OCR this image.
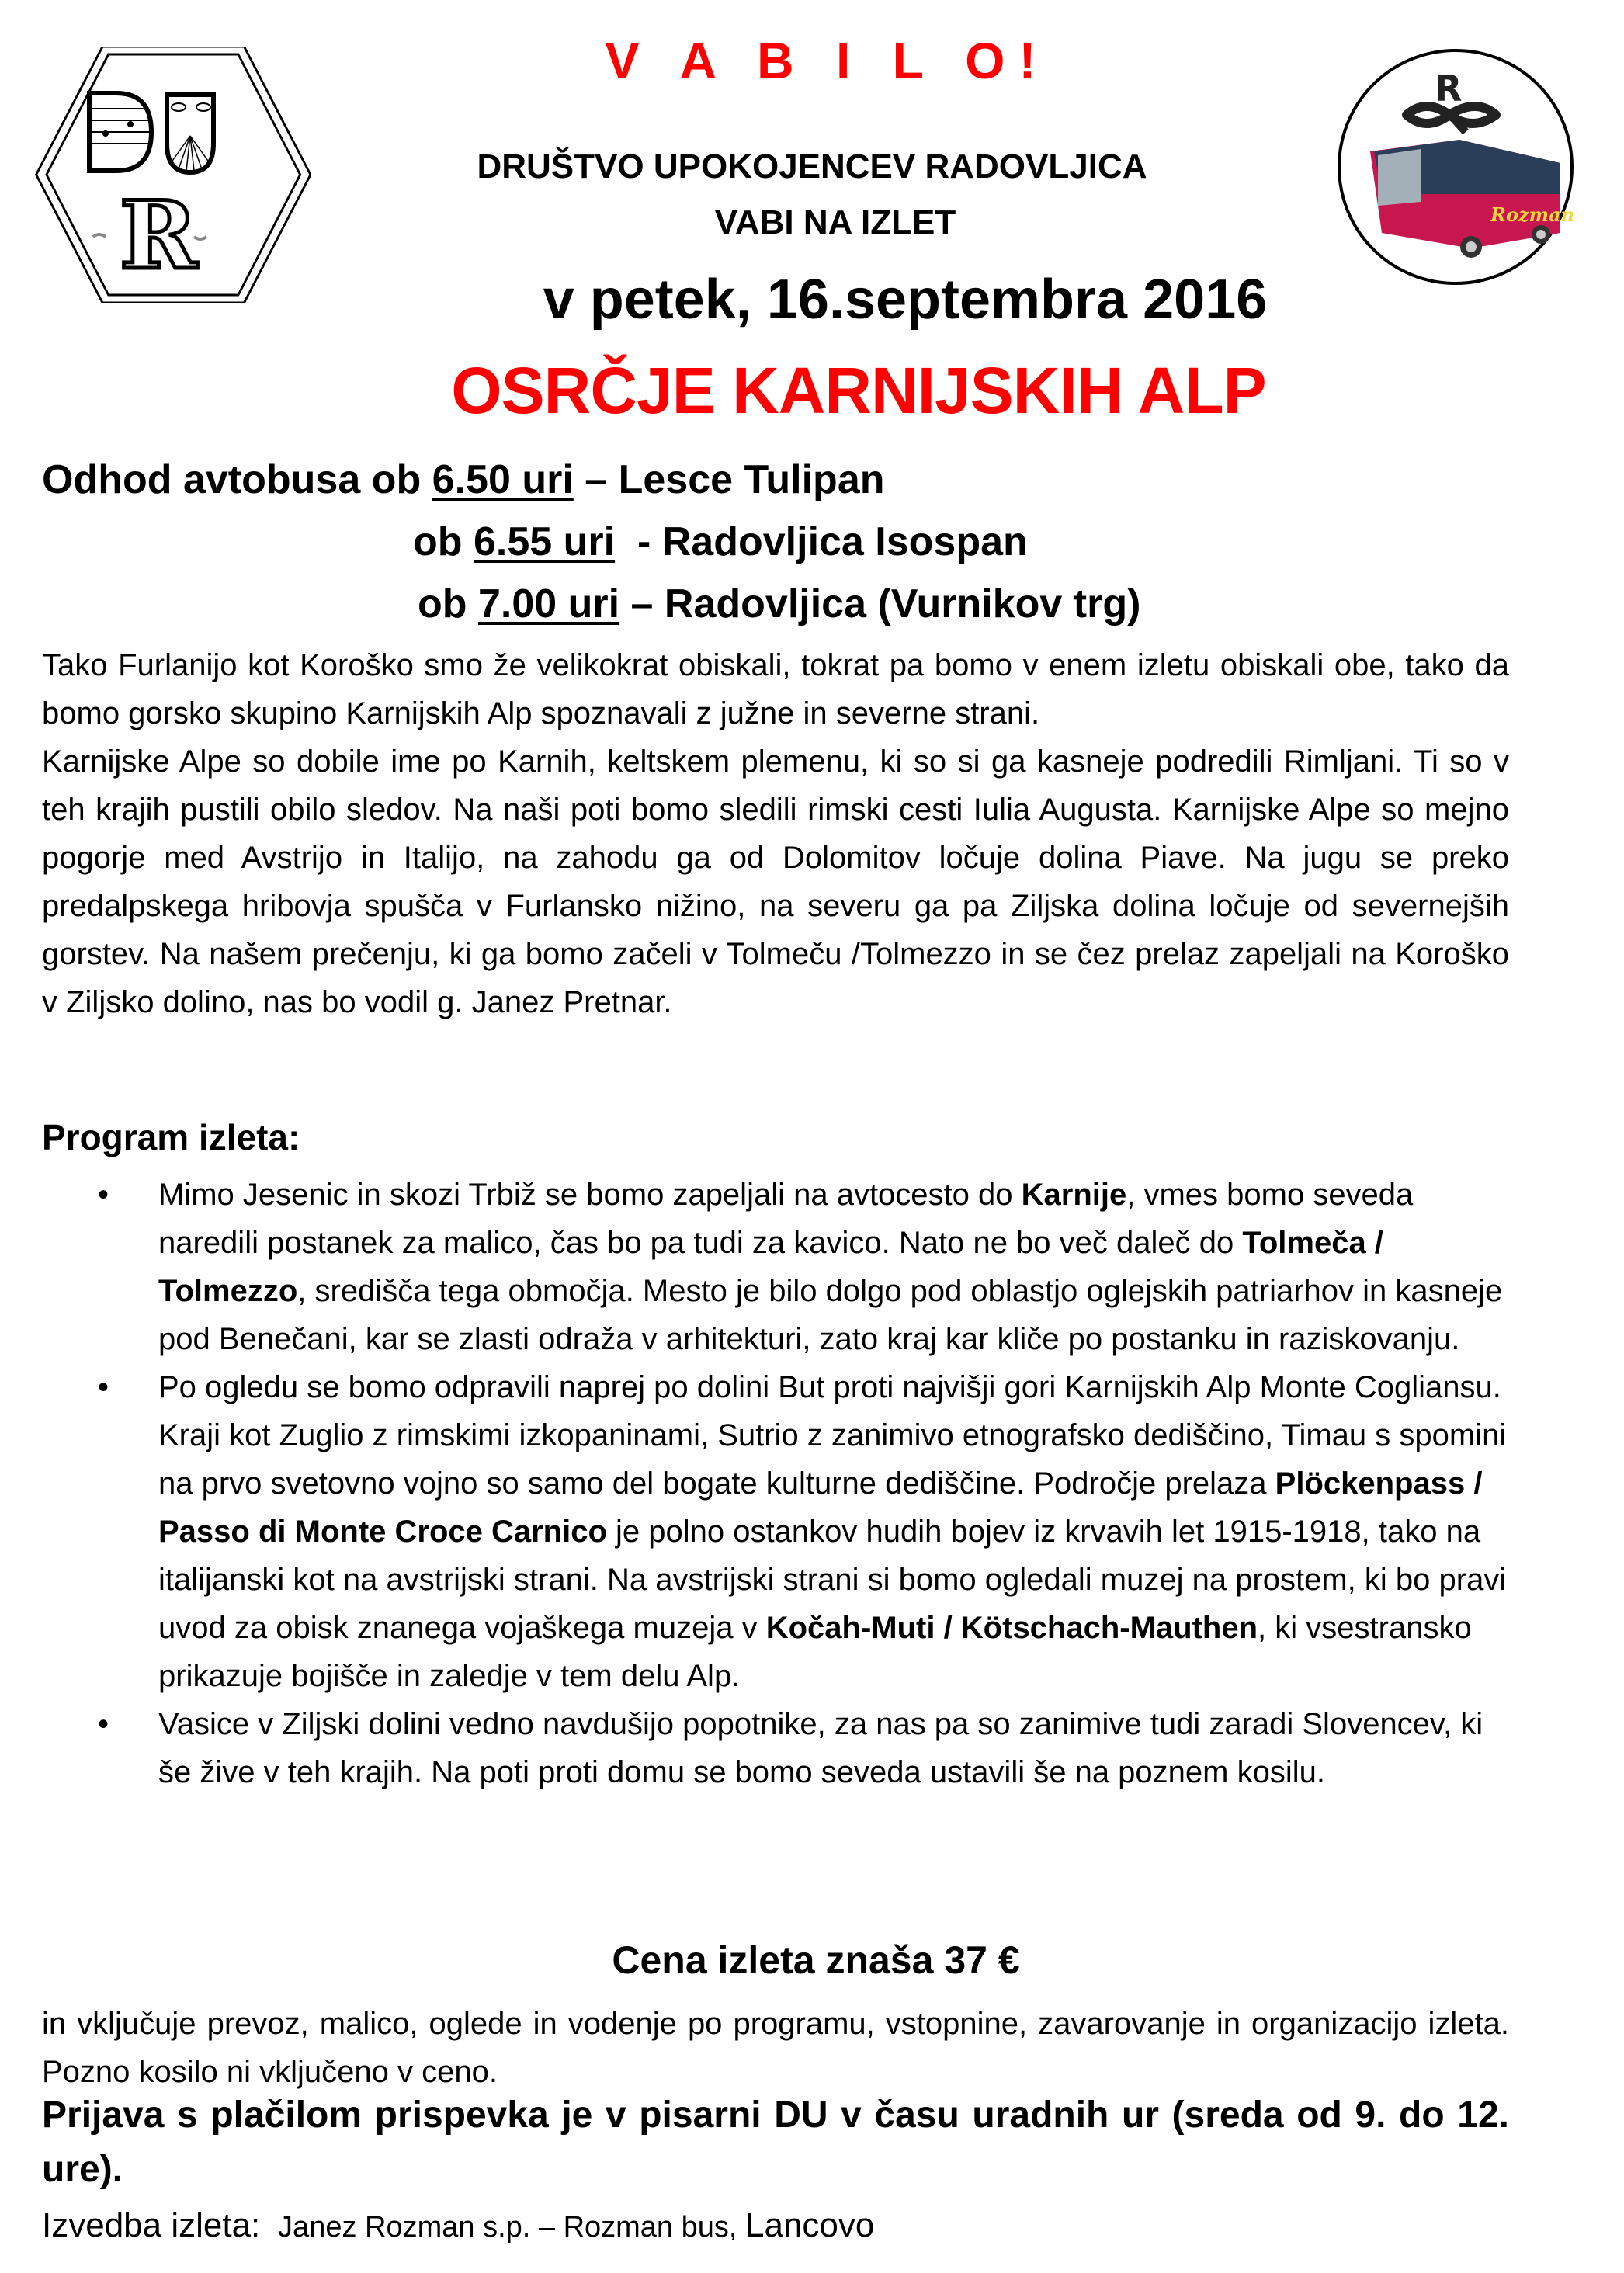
R
R
Rozman
V A B I L O!
DRUŠTVO UPOKOJENCEV RADOVLJICA
VABI NA IZLET
v petek, 16.septembra 2016
OSRČJE KARNIJSKIH ALP
Odhod avtobusa ob 6.50 uri – Lesce Tulipan
ob 6.55 uri  - Radovljica Isospan
ob 7.00 uri – Radovljica (Vurnikov trg)
Tako Furlanijo kot Koroško smo že velikokrat obiskali, tokrat pa bomo v enem izletu obiskali obe, tako da bomo gorsko skupino Karnijskih Alp spoznavali z južne in severne strani.
Karnijske Alpe so dobile ime po Karnih, keltskem plemenu, ki so si ga kasneje podredili Rimljani. Ti so v teh krajih pustili obilo sledov. Na naši poti bomo sledili rimski cesti Iulia Augusta. Karnijske Alpe so mejno pogorje med Avstrijo in Italijo, na zahodu ga od Dolomitov ločuje dolina Piave. Na jugu se preko predalpskega hribovja spušča v Furlansko nižino, na severu ga pa Ziljska dolina ločuje od severnejših gorstev. Na našem prečenju, ki ga bomo začeli v Tolmeču /Tolmezzo in se čez prelaz zapeljali na Koroško v Ziljsko dolino, nas bo vodil g. Janez Pretnar.
Program izleta:
• Mimo Jesenic in skozi Trbiž se bomo zapeljali na avtocesto do Karnije, vmes bomo seveda naredili postanek za malico, čas bo pa tudi za kavico. Nato ne bo več daleč do Tolmeča / Tolmezzo, središča tega območja. Mesto je bilo dolgo pod oblastjo oglejskih patriarhov in kasneje pod Benečani, kar se zlasti odraža v arhitekturi, zato kraj kar kliče po postanku in raziskovanju.
• Po ogledu se bomo odpravili naprej po dolini But proti najvišji gori Karnijskih Alp Monte Cogliansu. Kraji kot Zuglio z rimskimi izkopaninami, Sutrio z zanimivo etnografsko dediščino, Timau s spomini na prvo svetovno vojno so samo del bogate kulturne dediščine. Področje prelaza Plöckenpass / Passo di Monte Croce Carnico je polno ostankov hudih bojev iz krvavih let 1915-1918, tako na italijanski kot na avstrijski strani. Na avstrijski strani si bomo ogledali muzej na prostem, ki bo pravi uvod za obisk znanega vojaškega muzeja v Kočah-Muti / Kötschach-Mauthen, ki vsestransko prikazuje bojišče in zaledje v tem delu Alp.
• Vasice v Ziljski dolini vedno navdušijo popotnike, za nas pa so zanimive tudi zaradi Slovencev, ki še žive v teh krajih. Na poti proti domu se bomo seveda ustavili še na poznem kosilu.
Cena izleta znaša 37 €
in vključuje prevoz, malico, oglede in vodenje po programu, vstopnine, zavarovanje in organizacijo izleta. Pozno kosilo ni vključeno v ceno.
Prijava s plačilom prispevka je v pisarni DU v času uradnih ur (sreda od 9. do 12. ure).
Izvedba izleta:  Janez Rozman s.p. – Rozman bus, Lancovo
